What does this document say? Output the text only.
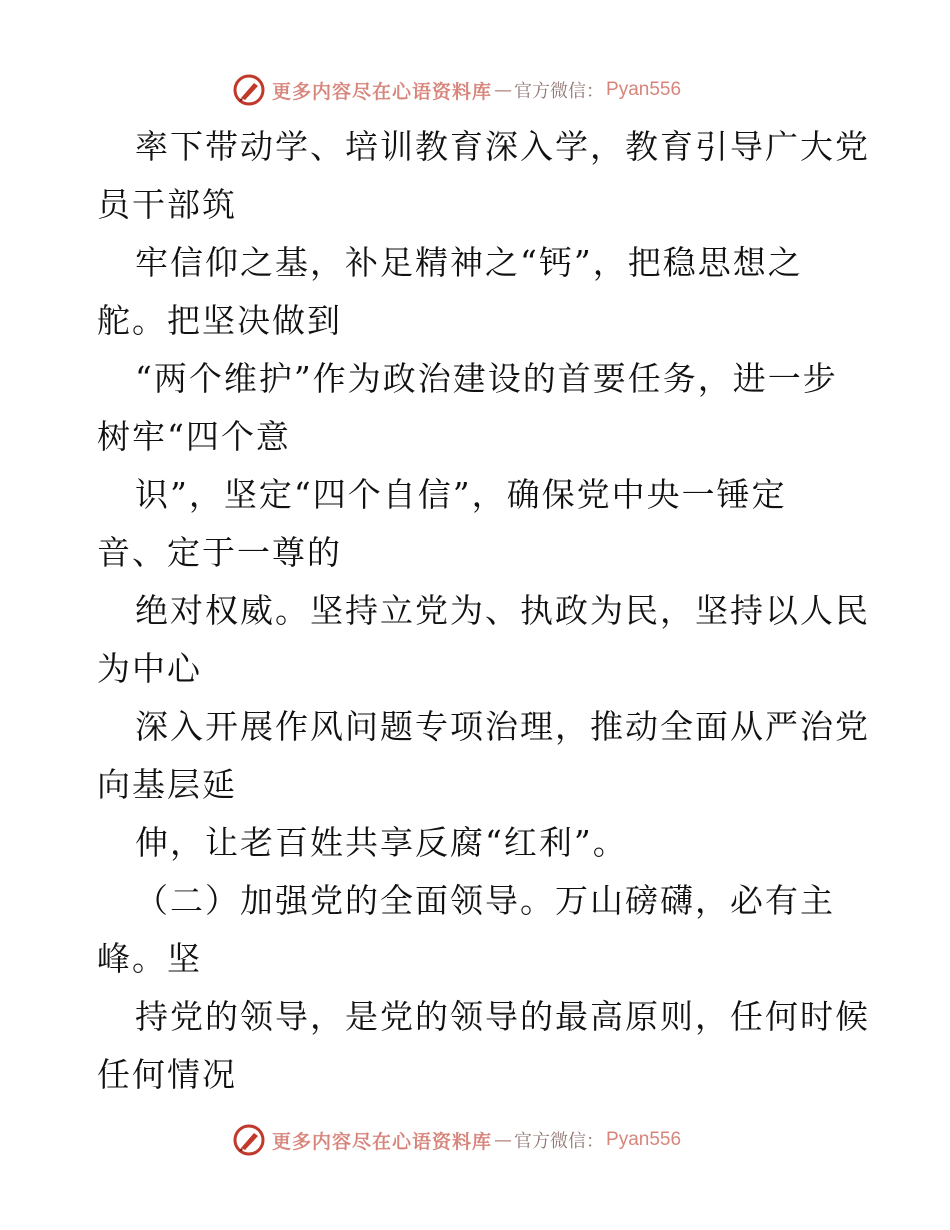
更多内容尽在心语资料库 — 官方微信： Pyan556

率下带动学、培训教育深入学，教育引导广大党

员干部筑

牢信仰之基，补足精神之“钙”，把稳思想之

舵。把坚决做到

“两个维护”作为政治建设的首要任务，进一步

树牢“四个意

识”，坚定“四个自信”，确保党中央一锤定

音、定于一尊的

绝对权威。坚持立党为、执政为民，坚持以人民

为中心

深入开展作风问题专项治理，推动全面从严治党

向基层延

伸，让老百姓共享反腐“红利”。

（二）加强党的全面领导。万山磅礴，必有主

峰。坚

持党的领导，是党的领导的最高原则，任何时候

任何情况

更多内容尽在心语资料库 — 官方微信： Pyan556
